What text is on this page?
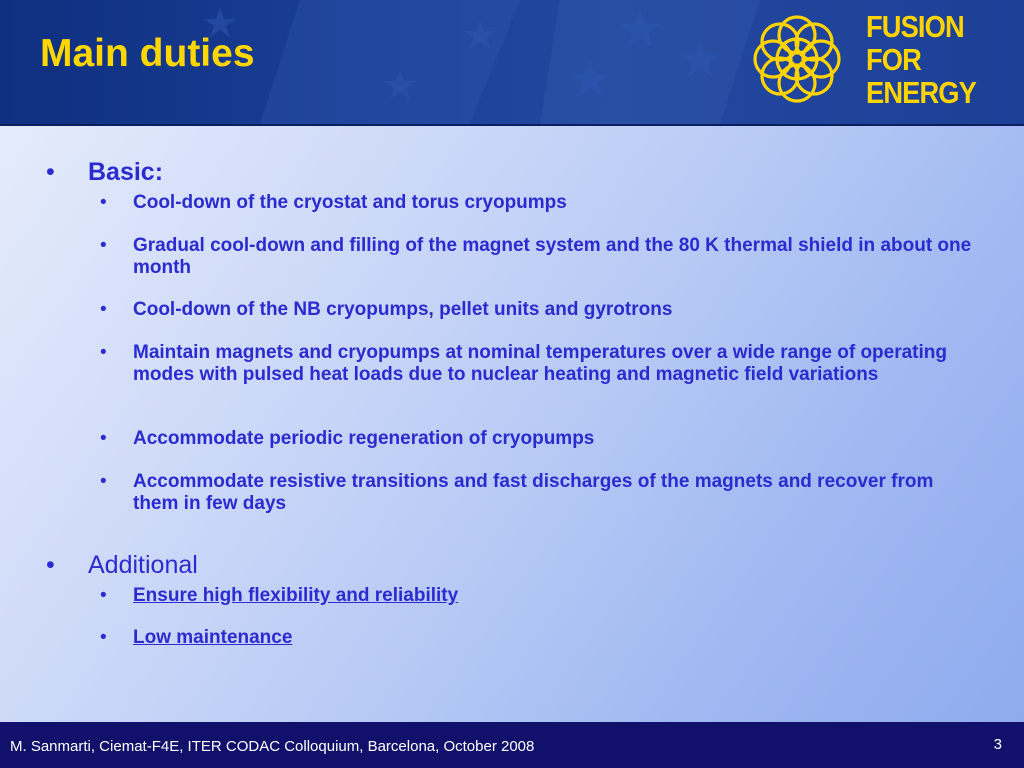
Main duties
FUSION
FOR
ENERGY
• Basic:
• Cool-down of the cryostat and torus cryopumps
• Gradual cool-down and filling of the magnet system and the 80 K thermal shield in about one month
• Cool-down of the NB cryopumps, pellet units and gyrotrons
• Maintain magnets and cryopumps at nominal temperatures over a wide range of operating modes with pulsed heat loads due to nuclear heating and magnetic field variations
• Accommodate periodic regeneration of cryopumps
• Accommodate resistive transitions and fast discharges of the magnets and recover from them in few days
• Additional
• Ensure high flexibility and reliability
• Low maintenance
M. Sanmarti, Ciemat-F4E, ITER CODAC Colloquium, Barcelona, October 2008	3
